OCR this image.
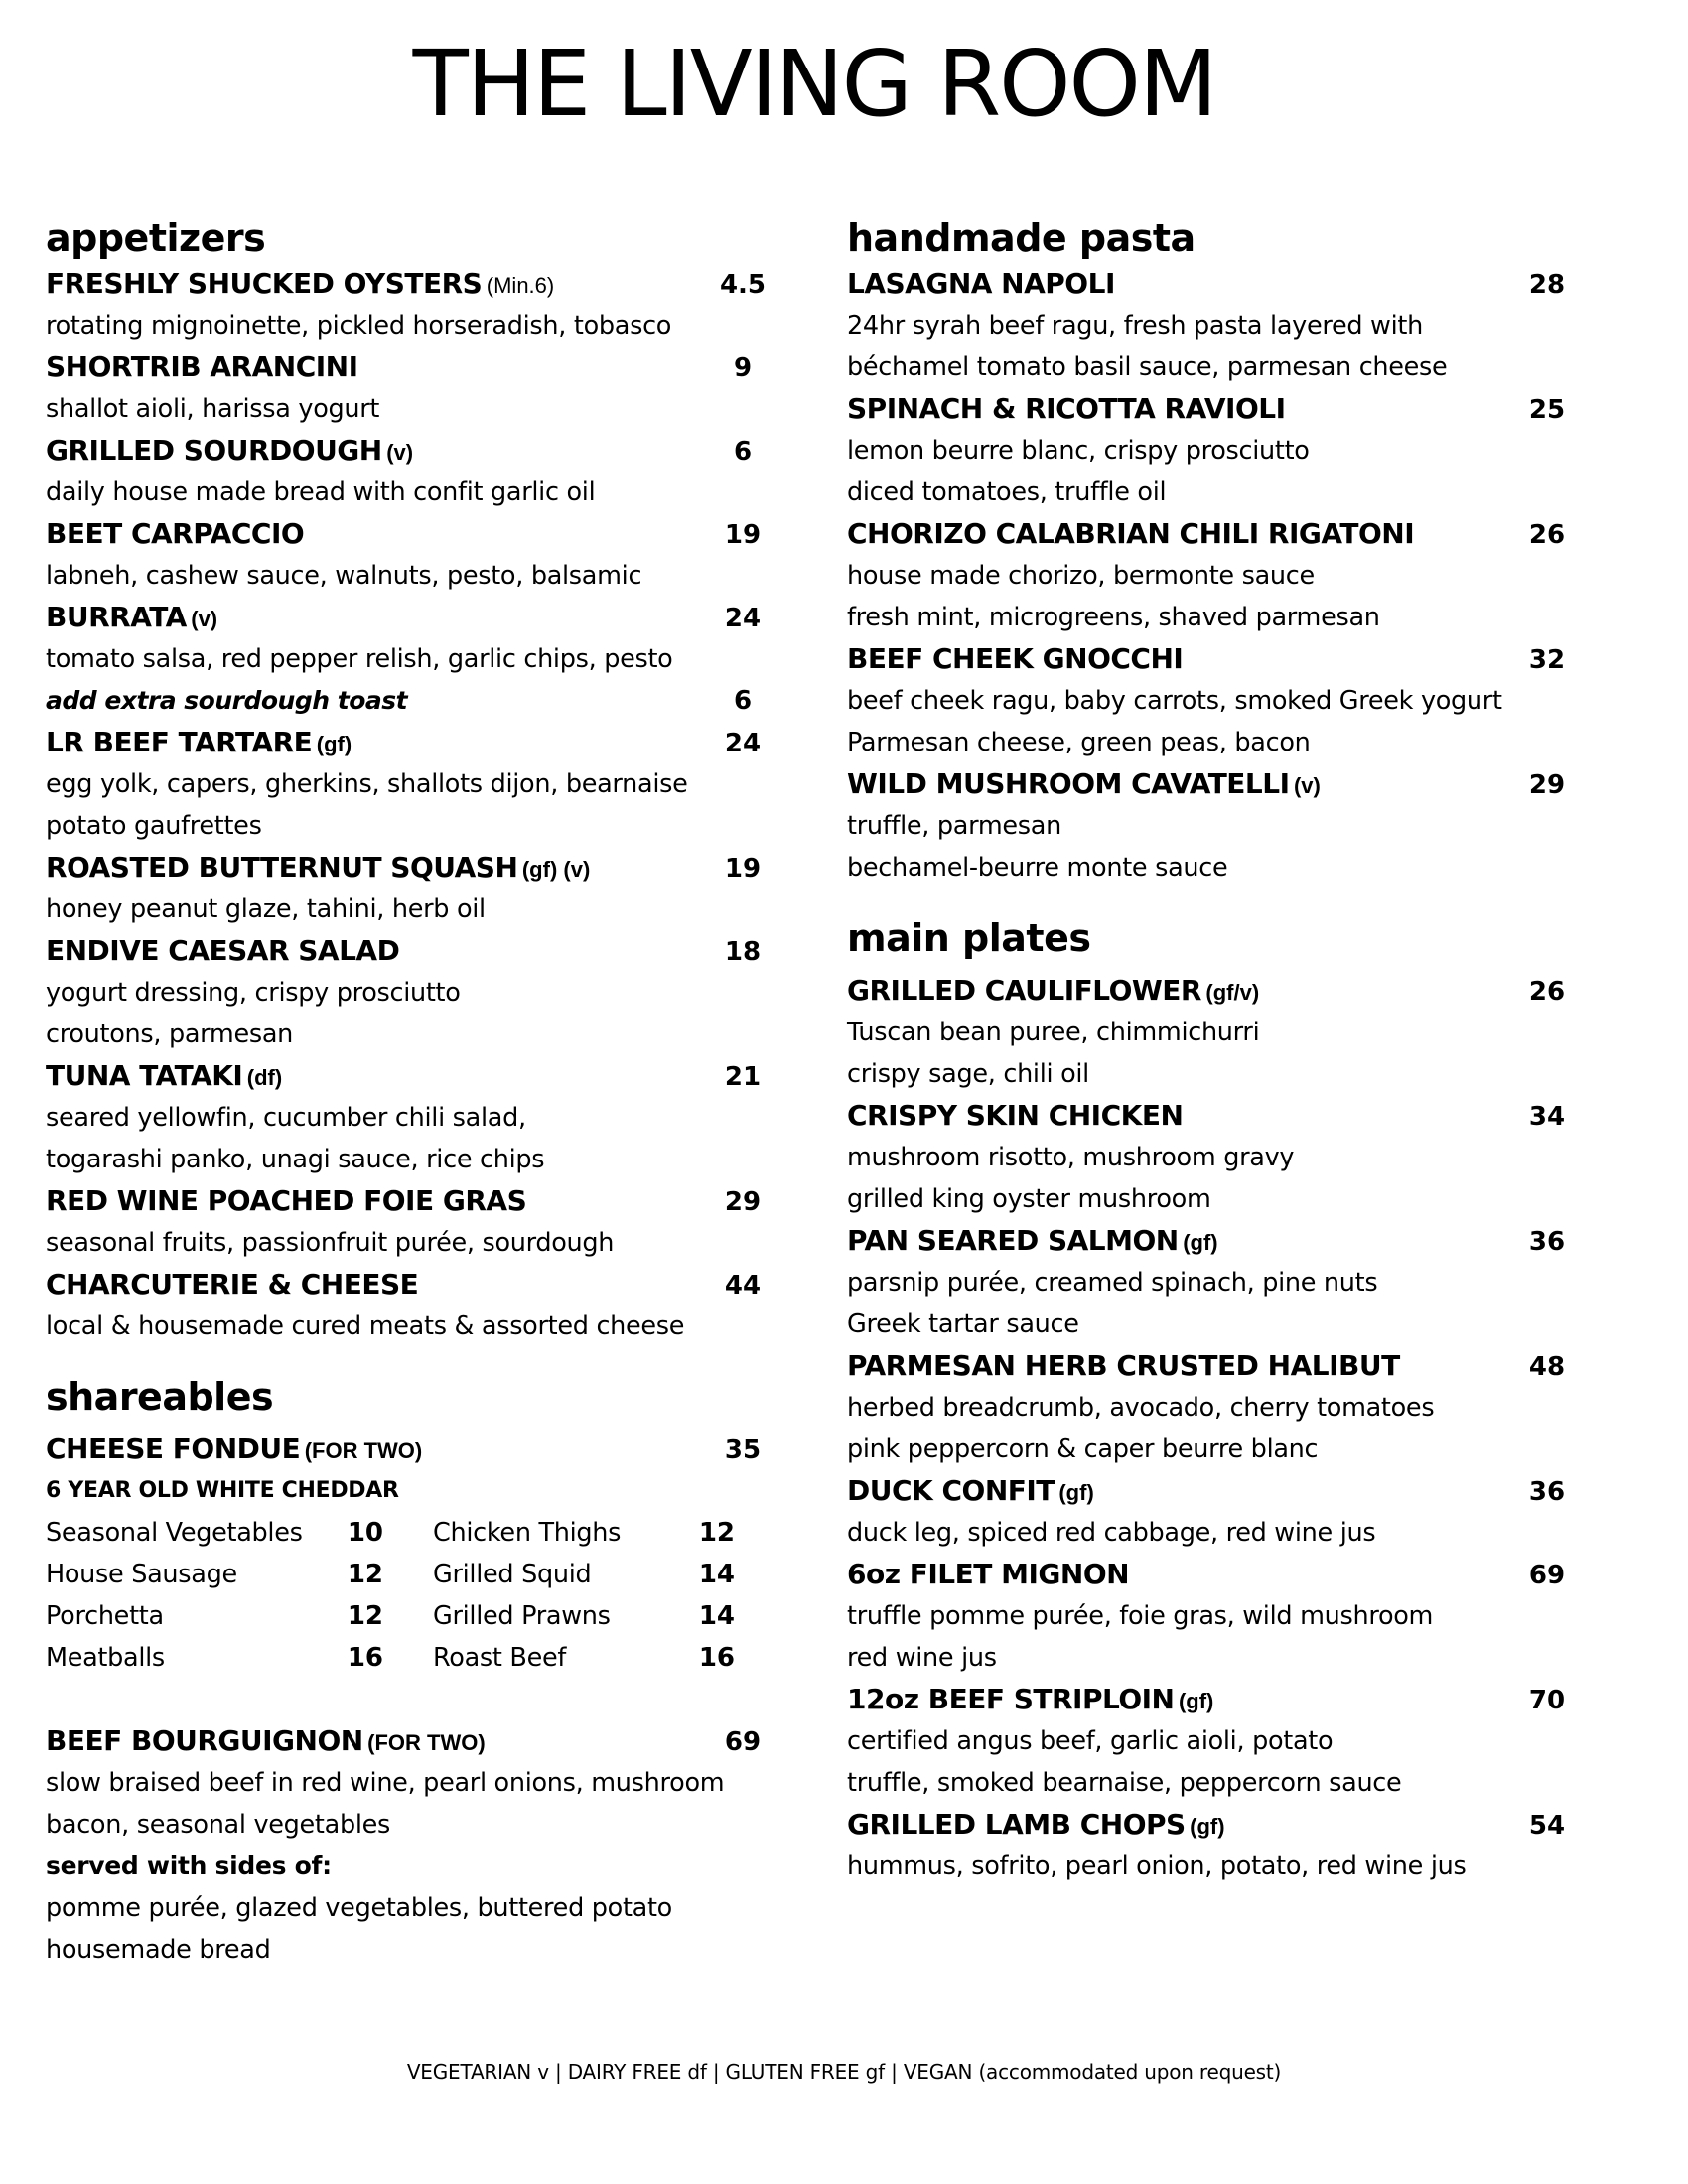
THE LIVING ROOM
appetizers
FRESHLY SHUCKED OYSTERS (Min.6)	4.5
rotating mignoinette, pickled horseradish, tobasco
SHORTRIB ARANCINI	9
shallot aioli, harissa yogurt
GRILLED SOURDOUGH (v)	6
daily house made bread with confit garlic oil
BEET CARPACCIO	19
labneh, cashew sauce, walnuts, pesto, balsamic
BURRATA (v)	24
tomato salsa, red pepper relish, garlic chips, pesto
add extra sourdough toast	6
LR BEEF TARTARE (gf)	24
egg yolk, capers, gherkins, shallots dijon, bearnaise
potato gaufrettes
ROASTED BUTTERNUT SQUASH (gf) (v)	19
honey peanut glaze, tahini, herb oil
ENDIVE CAESAR SALAD	18
yogurt dressing, crispy prosciutto
croutons, parmesan
TUNA TATAKI (df)	21
seared yellowfin, cucumber chili salad,
togarashi panko, unagi sauce, rice chips
RED WINE POACHED FOIE GRAS	29
seasonal fruits, passionfruit purée, sourdough
CHARCUTERIE & CHEESE	44
local & housemade cured meats & assorted cheese
shareables
CHEESE FONDUE (FOR TWO)	35
6 YEAR OLD WHITE CHEDDAR
Seasonal Vegetables	10	Chicken Thighs	12
House Sausage	12	Grilled Squid	14
Porchetta	12	Grilled Prawns	14
Meatballs	16	Roast Beef	16
BEEF BOURGUIGNON (FOR TWO)	69
slow braised beef in red wine, pearl onions, mushroom
bacon, seasonal vegetables
served with sides of:
pomme purée, glazed vegetables, buttered potato
housemade bread
handmade pasta
LASAGNA NAPOLI	28
24hr syrah beef ragu, fresh pasta layered with
béchamel tomato basil sauce, parmesan cheese
SPINACH & RICOTTA RAVIOLI	25
lemon beurre blanc, crispy prosciutto
diced tomatoes, truffle oil
CHORIZO CALABRIAN CHILI RIGATONI	26
house made chorizo, bermonte sauce
fresh mint, microgreens, shaved parmesan
BEEF CHEEK GNOCCHI	32
beef cheek ragu, baby carrots, smoked Greek yogurt
Parmesan cheese, green peas, bacon
WILD MUSHROOM CAVATELLI (v)	29
truffle, parmesan
bechamel-beurre monte sauce
main plates
GRILLED CAULIFLOWER (gf/v)	26
Tuscan bean puree, chimmichurri
crispy sage, chili oil
CRISPY SKIN CHICKEN	34
mushroom risotto, mushroom gravy
grilled king oyster mushroom
PAN SEARED SALMON (gf)	36
parsnip purée, creamed spinach, pine nuts
Greek tartar sauce
PARMESAN HERB CRUSTED HALIBUT	48
herbed breadcrumb, avocado, cherry tomatoes
pink peppercorn & caper beurre blanc
DUCK CONFIT (gf)	36
duck leg, spiced red cabbage, red wine jus
6oz FILET MIGNON	69
truffle pomme purée, foie gras, wild mushroom
red wine jus
12oz BEEF STRIPLOIN (gf)	70
certified angus beef, garlic aioli, potato
truffle, smoked bearnaise, peppercorn sauce
GRILLED LAMB CHOPS (gf)	54
hummus, sofrito, pearl onion, potato, red wine jus
VEGETARIAN v | DAIRY FREE df | GLUTEN FREE gf | VEGAN (accommodated upon request)
